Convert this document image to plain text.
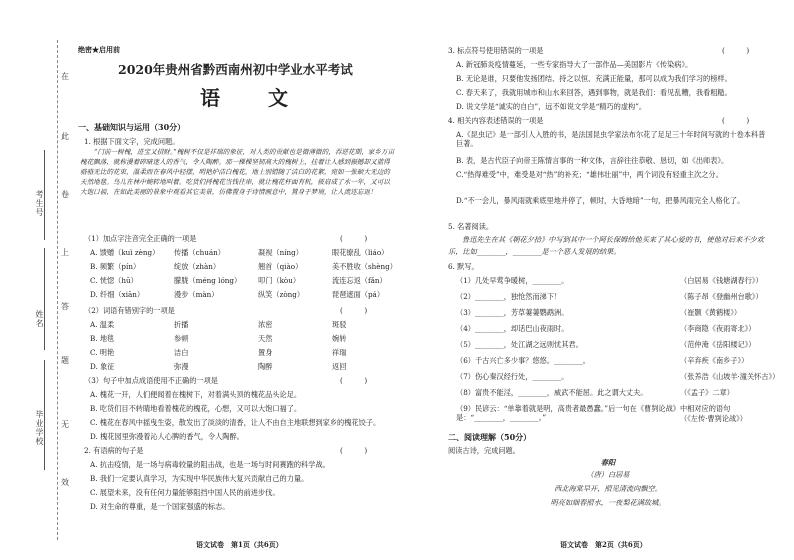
在
此
卷
上
答
题
无
效
考生号
姓名
毕业学校
绝密★启用前
2020年贵州省黔西南州初中学业水平考试
语　文
一、基础知识与运用（30分）
1. 根据下面文字，完成问题。
“门前一树槐，进宝又招财。”槐树不仅是祥瑞的象征，对人类的贡献也是微薄微的，吞逆花期，家乡万亩槐花飘落，就称漫着碎暗迷人的香气，令人陶醉。那一棵棵坚韧高大的槐树上，挂着让人感到振撼却又蓝得骆骆无比的花束，温柔而在春风中轻摆，明艳炉洁白槐花，地上别错随了洁白的花絮，宛如一张硕大无边的天然地毯。鸟儿在林中婉转地叫着。吃货们捋槐花当钱往串，就让槐花杆面有机，披肩成了水一年，又可以大饱口福，在如此美丽的景象中观看其它美景，仿佛置身于诗情画意中，置身于梦境，让人流连忘返！
（1）加点字注音完全正确的一项是	(　　　)
A. 馈赠（kuì zèng） 传播（chuán）	凝视（níng）	眼花缭乱（liáo）
B. 频繁（pín）	绽放（zhàn）	翘首（qiào）	美不胜收（shèng）
C. 恍惚（hū）	朦胧（méng lóng） 叩门（kòu）	流连忘返（fǎn）
D. 纤细（xiān）	漫步（màn）	纵笑（zòng）	琵琶遮面（pá）
（2）词语有错别字的一项是	(　　　)
A. 温柔	折播	浓密	斑驳
B. 地毯	参顿	天然	婉转
C. 明艳	洁白	置身	祥瑞
D. 象征	弥漫	陶醉	返回
（3）句子中加点成语使用不正确的一项是	(　　　)
A. 槐花一开，人们便闻着在槐树下，对着满头顶的槐花品头论足。
B. 吃货们目不转睛地看着槐花的槐花，心想，又可以大饱口福了。
C. 槐花在春风中摇曳生姿，散发出了淡淡的清香，让人不由自主地联想到家乡的槐花饺子。
D. 槐花园里弥漫着沁人心脾的香气，令人陶醉。
2. 有语病的句子是	(　　　)
A. 抗击疫情，是一场与病毒较量的阻击战，也是一场与时间赛跑的科学战。
B. 我们一定要认真学习，为实现中华民族伟大复兴贡献自己的力量。
C. 展望未来，没有任何力量能够阻挡中国人民的前进步伐。
D. 对生命的尊重，是一个国家强盛的标志。
语文试卷　第1页（共6页）
3. 标点符号使用错误的一项是	(　　　)
A. 新冠肺炎疫情蔓延，一些专家指导大了一部作品—美国影片《传染病》。
B. 无论是谁，只要他发扬团结、持之以恒、充满正能量，那可以成为我们学习的榜样。
C. 春天来了，我就用城市和山水来回答，遇到事物，就是我们：看见乱糟，我看粗糙。
D. 说文学是“诚实的自白”，远不如说文学是“精巧的虚构”。
4. 相关内容表述错误的一项是	(　　　)
A.《昆虫记》是一部引人入胜的书，是法国昆虫学家法布尔花了足足三十年时间写就的十卷本科普巨著。
B. 表，是古代臣子向帝王陈情言事的一种文体，言辞往往恭敬、恳切，如《出师表》。
C.“热得难受”中，难受是对“热”的补充；“雄伟壮丽”中，两个词没有轻重主次之分。
D.“不一会儿，暴风雨就乘底里地并停了，顿时，大昏地暗”一句，把暴风雨完全人格化了。
5. 名著阅读。
鲁迅先生在其《朝花夕拾》中写到其中一个阿长保姆给他买来了其心爱的书，使他对后来不少欢乐，比如________，________是一个恶人发展的结果。
6. 默写。
（1）几处早莺争暖树，________。	（白居易《钱塘湖春行》）
（2）________，独怆然而涕下！	（陈子昂《登幽州台歌》）
（3）________，芳草萋萋鹦鹉洲。	（崔颢《黄鹤楼》）
（4）________，却话巴山夜雨时。	（李商隐《夜雨寄北》）
（5）________，处江湖之远则忧其君。	（范仲淹《岳阳楼记》）
（6）千古兴亡多少事？悠悠。________。	（辛弃疾《南乡子》）
（7）伤心秦汉经行处，________。	（张养浩《山坡羊·潼关怀古》）
（8）富贵不能淫，________，威武不能屈。此之谓大丈夫。	（《孟子》二章）
（9）民谚云：“单靠着就是明，高贵者最愚蠢。”后一句在《曹刿论战》中相对应的语句是：“________，________。”	（《左传·曹刿论战》）
二、阅读理解（50分）
阅读古诗，完成问题。
春阳
（唐）白居易
西北海棠早开，照见清流向飘空。
明亮如烟春照水，一夜梨花满故城。
语文试卷　第2页（共6页）
